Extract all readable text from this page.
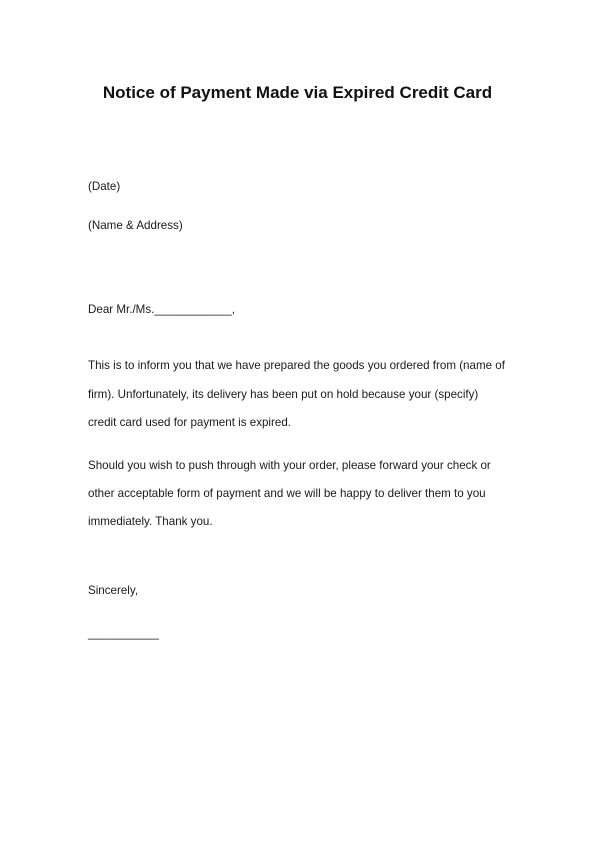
Notice of Payment Made via Expired Credit Card
(Date)
(Name & Address)
Dear Mr./Ms.____________,
This is to inform you that we have prepared the goods you ordered from (name of
firm). Unfortunately, its delivery has been put on hold because your (specify)
credit card used for payment is expired.
Should you wish to push through with your order, please forward your check or
other acceptable form of payment and we will be happy to deliver them to you
immediately. Thank you.
Sincerely,
___________
